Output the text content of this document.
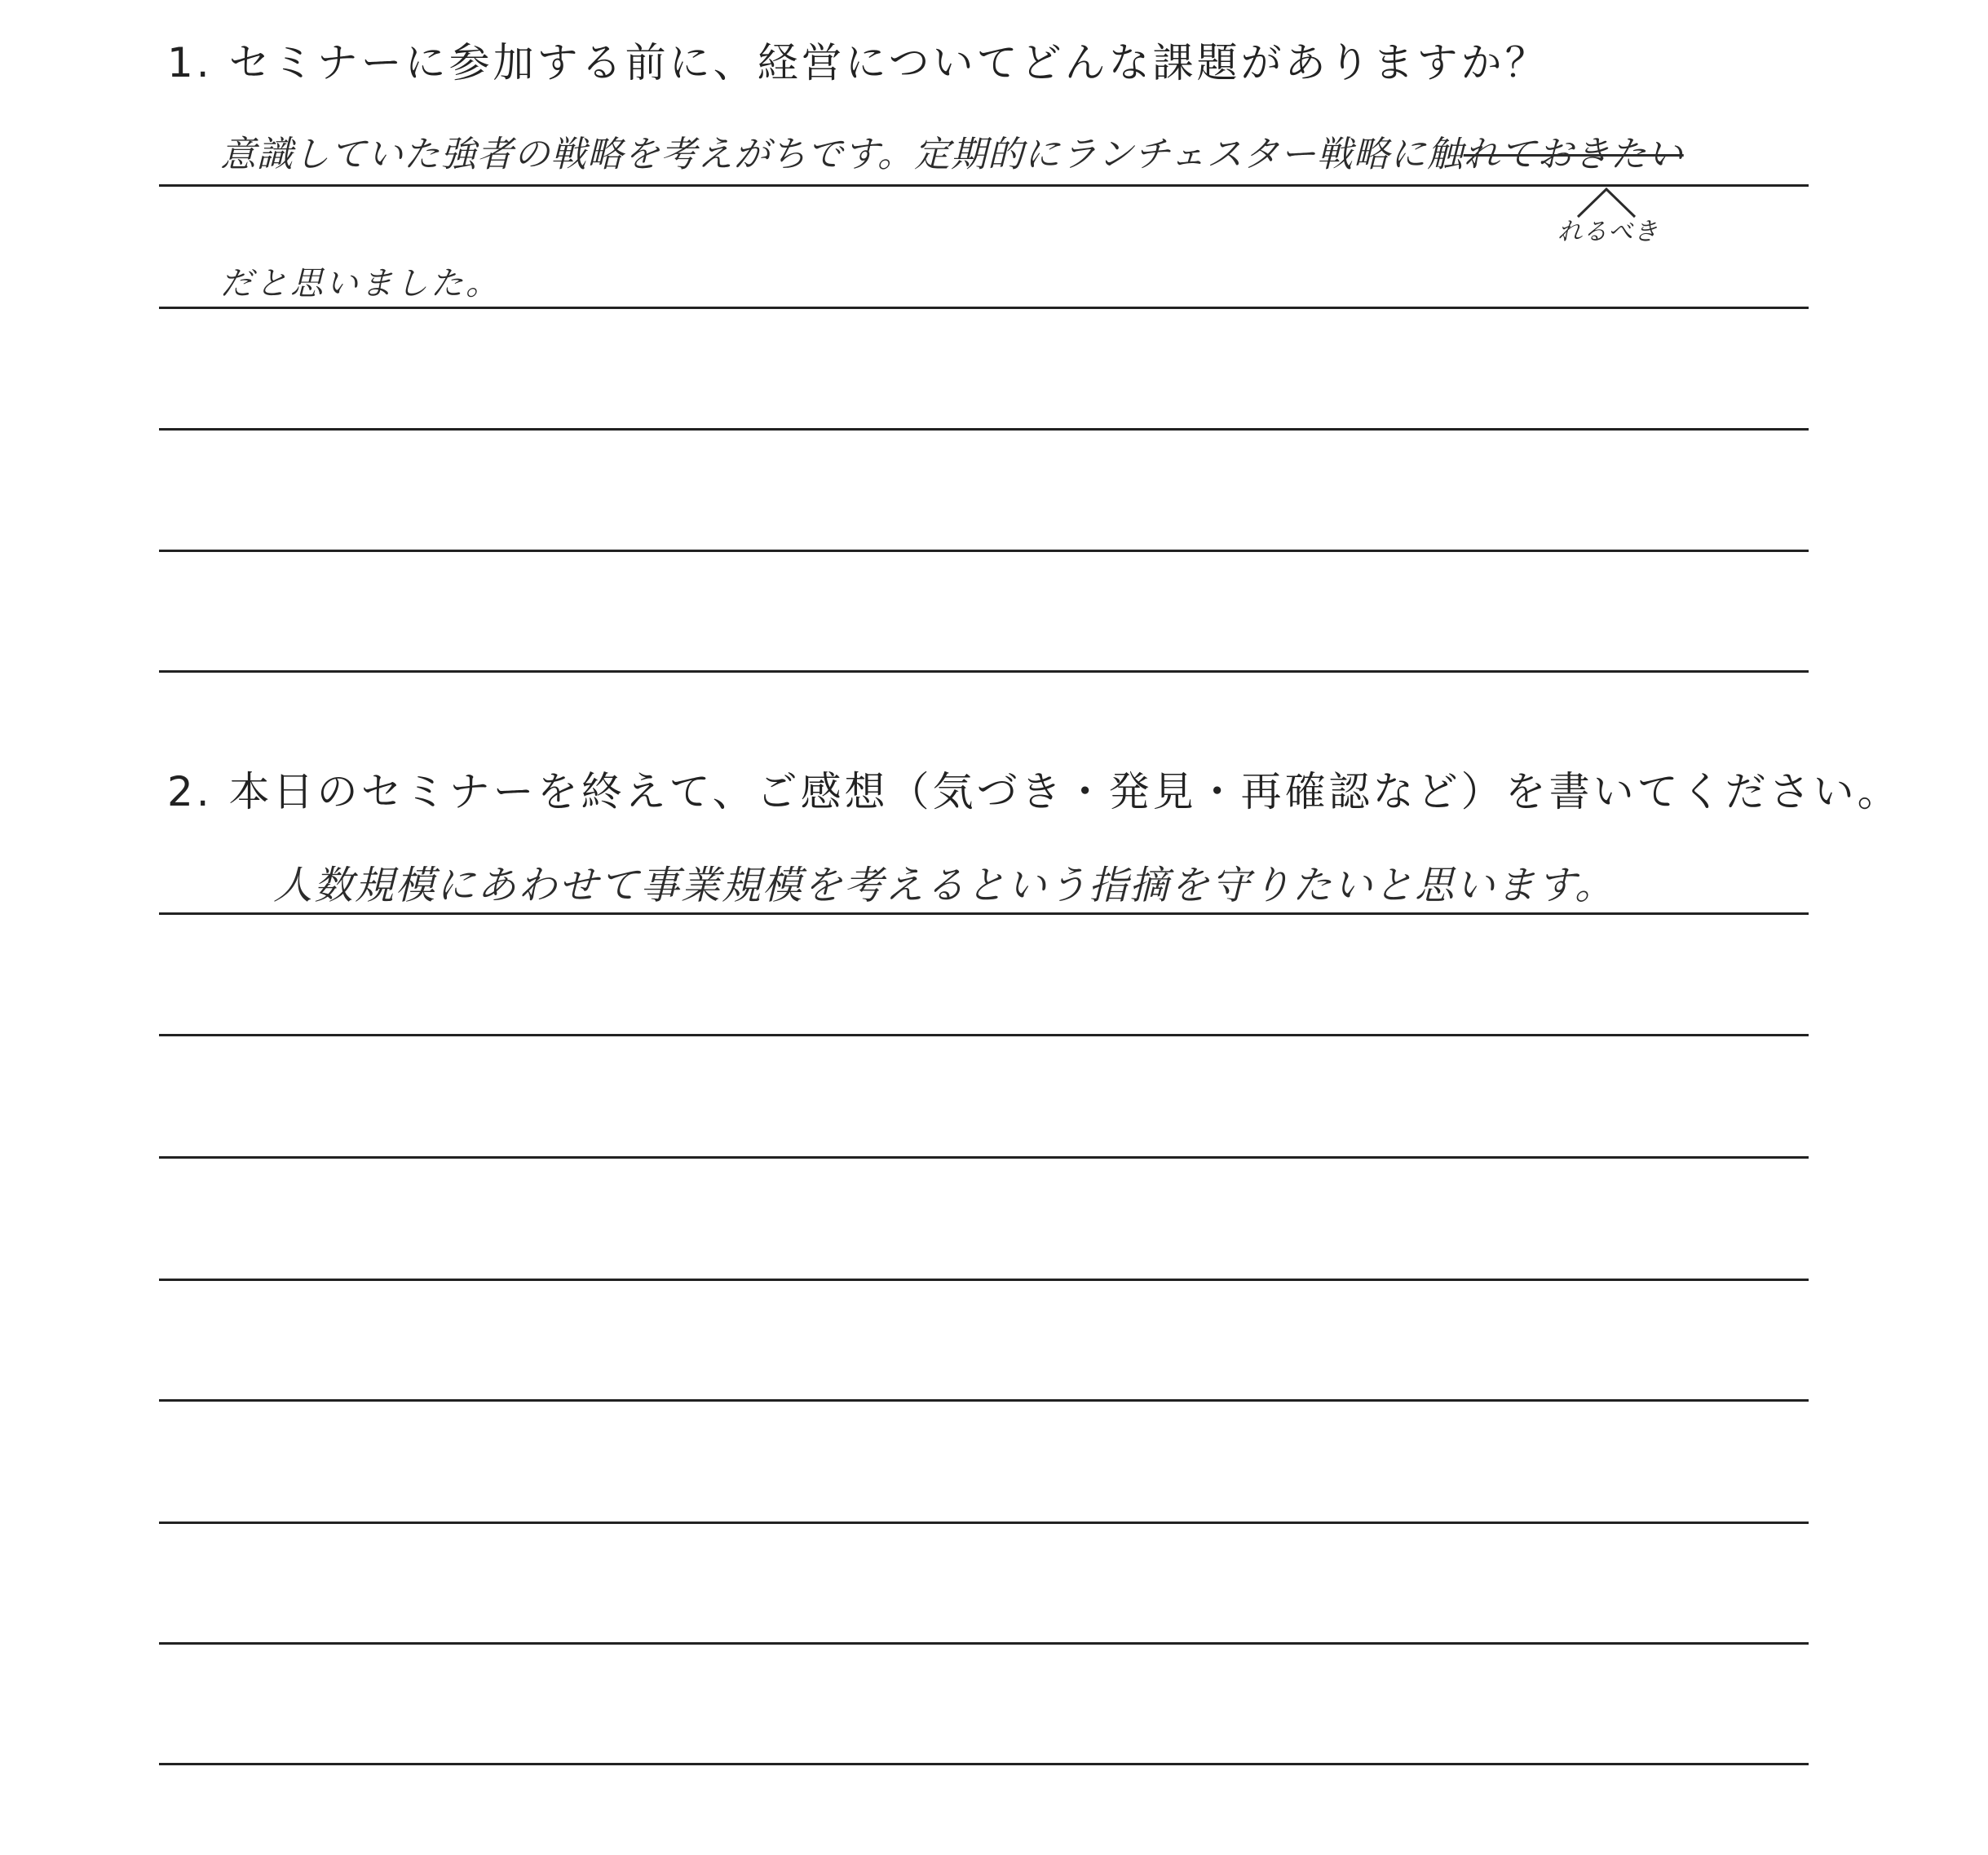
1. セミナーに参加する前に、経営についてどんな課題がありますか？
意識していた強者の戦略を考えがちです。定期的にランチェスター戦略に触れておきたい
れるべき
だと思いました。
2. 本日のセミナーを終えて、ご感想（気づき・発見・再確認など）を書いてください。
人数規模にあわせて事業規模を考えるという指摘を守りたいと思います。
